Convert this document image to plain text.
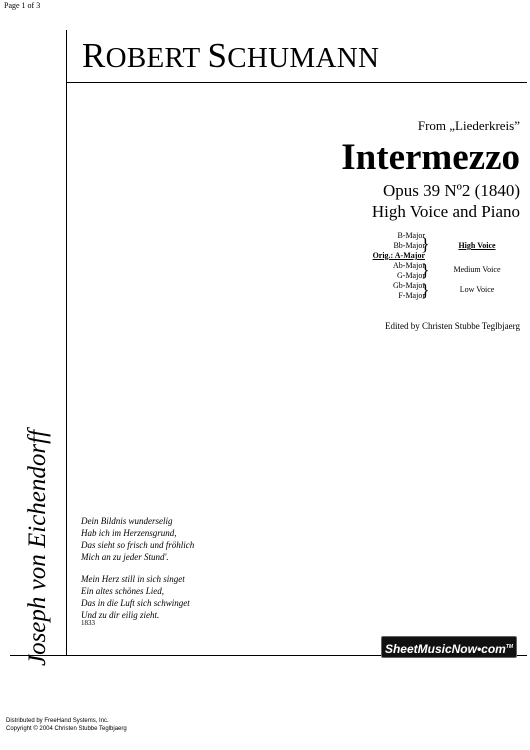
Page 1 of 3
ROBERT SCHUMANN
From „Liederkreis”
Intermezzo
Opus 39 Nº2 (1840)
High Voice and Piano
B-Major
Bb-Major
Orig.: A-Major
}	High Voice
Ab-Major
G-Major
}	Medium Voice
Gb-Major
F-Major
}	Low Voice
Edited by Christen Stubbe Teglbjaerg
Joseph von Eichendorff	Dein Bildnis wunderselig
Hab ich im Herzensgrund,
Das sieht so frisch und fröhlich
Mich an zu jeder Stund'.
Mein Herz still in sich singet
Ein altes schönes Lied,
Das in die Luft sich schwinget
Und zu dir eilig zieht.
1833
SheetMusicNow•com™
Distributed by FreeHand Systems, Inc.
Copyright © 2004 Christen Stubbe Teglbjaerg
